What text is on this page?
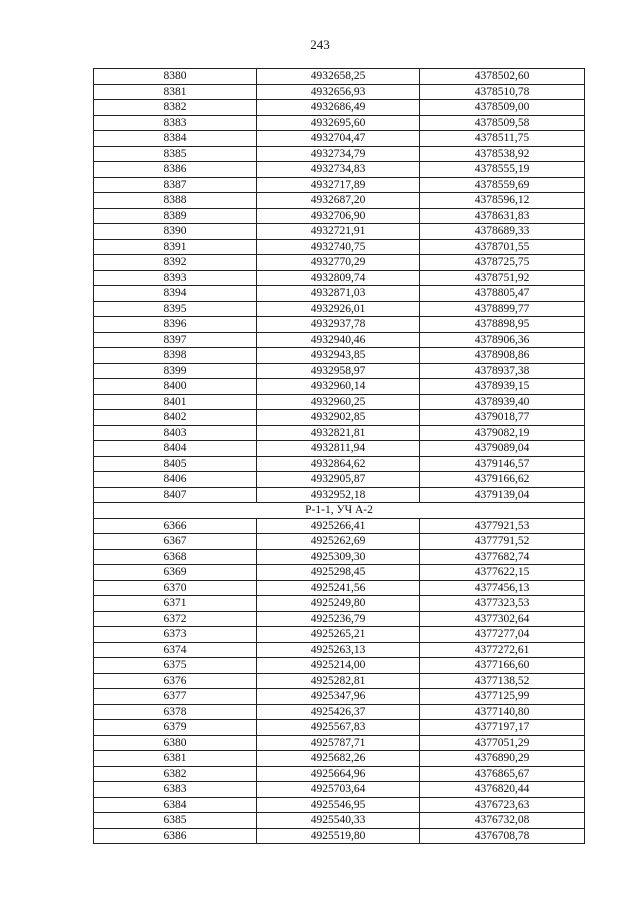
243
8380	4932658,25	4378502,60
8381	4932656,93	4378510,78
8382	4932686,49	4378509,00
8383	4932695,60	4378509,58
8384	4932704,47	4378511,75
8385	4932734,79	4378538,92
8386	4932734,83	4378555,19
8387	4932717,89	4378559,69
8388	4932687,20	4378596,12
8389	4932706,90	4378631,83
8390	4932721,91	4378689,33
8391	4932740,75	4378701,55
8392	4932770,29	4378725,75
8393	4932809,74	4378751,92
8394	4932871,03	4378805,47
8395	4932926,01	4378899,77
8396	4932937,78	4378898,95
8397	4932940,46	4378906,36
8398	4932943,85	4378908,86
8399	4932958,97	4378937,38
8400	4932960,14	4378939,15
8401	4932960,25	4378939,40
8402	4932902,85	4379018,77
8403	4932821,81	4379082,19
8404	4932811,94	4379089,04
8405	4932864,62	4379146,57
8406	4932905,87	4379166,62
8407	4932952,18	4379139,04
Р-1-1, УЧ А-2		
6366	4925266,41	4377921,53
6367	4925262,69	4377791,52
6368	4925309,30	4377682,74
6369	4925298,45	4377622,15
6370	4925241,56	4377456,13
6371	4925249,80	4377323,53
6372	4925236,79	4377302,64
6373	4925265,21	4377277,04
6374	4925263,13	4377272,61
6375	4925214,00	4377166,60
6376	4925282,81	4377138,52
6377	4925347,96	4377125,99
6378	4925426,37	4377140,80
6379	4925567,83	4377197,17
6380	4925787,71	4377051,29
6381	4925682,26	4376890,29
6382	4925664,96	4376865,67
6383	4925703,64	4376820,44
6384	4925546,95	4376723,63
6385	4925540,33	4376732,08
6386	4925519,80	4376708,78
